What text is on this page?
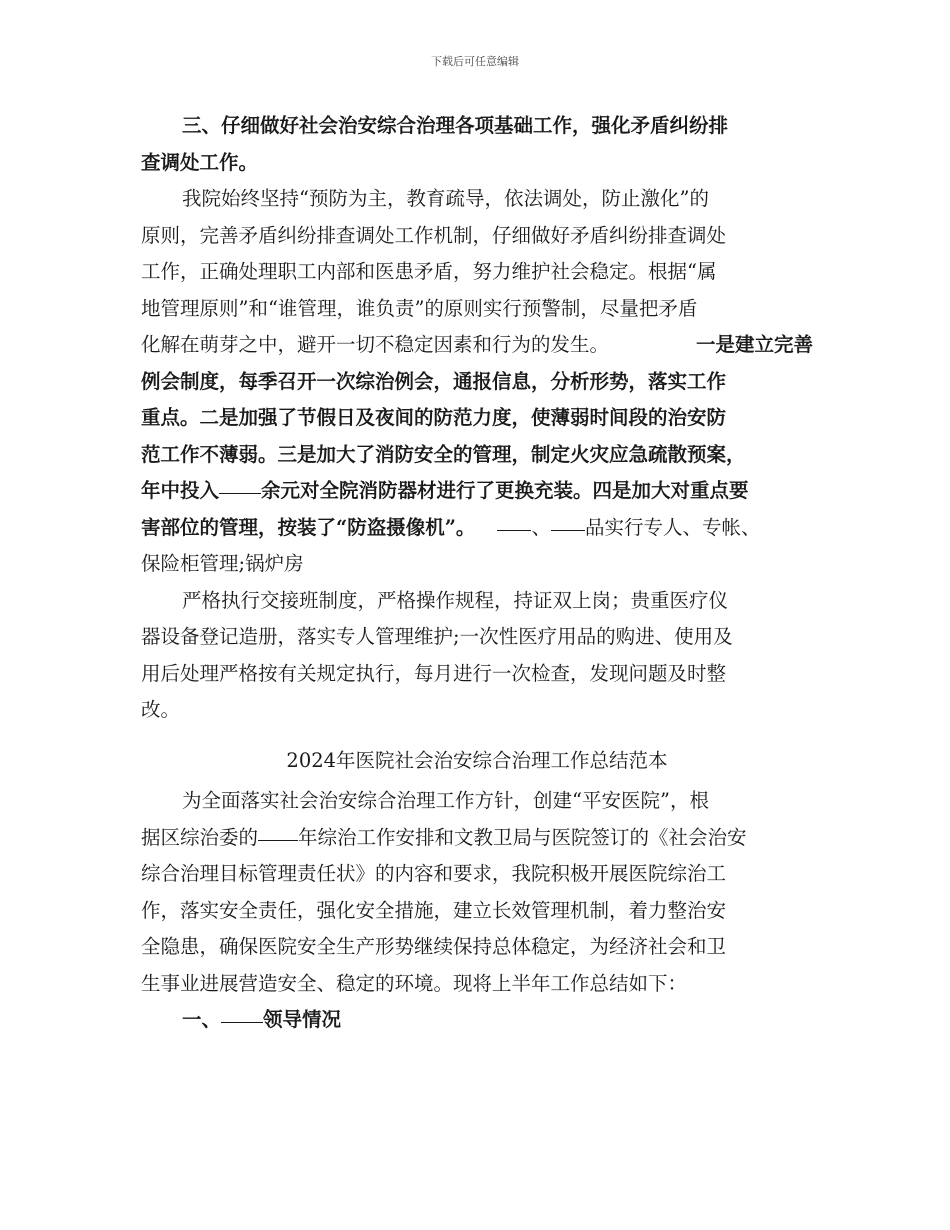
下载后可任意编辑
三、仔细做好社会治安综合治理各项基础工作，强化矛盾纠纷排
查调处工作。
我院始终坚持“预防为主，教育疏导，依法调处，防止激化”的
原则，完善矛盾纠纷排查调处工作机制，仔细做好矛盾纠纷排查调处
工作，正确处理职工内部和医患矛盾，努力维护社会稳定。根据“属
地管理原则”和“谁管理，谁负责”的原则实行预警制，尽量把矛盾
化解在萌芽之中，避开一切不稳定因素和行为的发生。	一是建立完善
例会制度，每季召开一次综治例会，通报信息，分析形势，落实工作
重点。二是加强了节假日及夜间的防范力度，使薄弱时间段的治安防
范工作不薄弱。三是加大了消防安全的管理，制定火灾应急疏散预案，
年中投入 余元对全院消防器材进行了更换充装。四是加大对重点要
害部位的管理，按装了“防盗摄像机”。	、 品实行专人、专帐、
保险柜管理;锅炉房
严格执行交接班制度，严格操作规程，持证双上岗；贵重医疗仪
器设备登记造册，落实专人管理维护;一次性医疗用品的购进、使用及
用后处理严格按有关规定执行，每月进行一次检查，发现问题及时整
改。
2024年医院社会治安综合治理工作总结范本
为全面落实社会治安综合治理工作方针，创建“平安医院”，根
据区综治委的 年综治工作安排和文教卫局与医院签订的《社会治安
综合治理目标管理责任状》的内容和要求，我院积极开展医院综治工
作，落实安全责任，强化安全措施，建立长效管理机制，着力整治安
全隐患，确保医院安全生产形势继续保持总体稳定，为经济社会和卫
生事业进展营造安全、稳定的环境。现将上半年工作总结如下：
一、 领导情况
